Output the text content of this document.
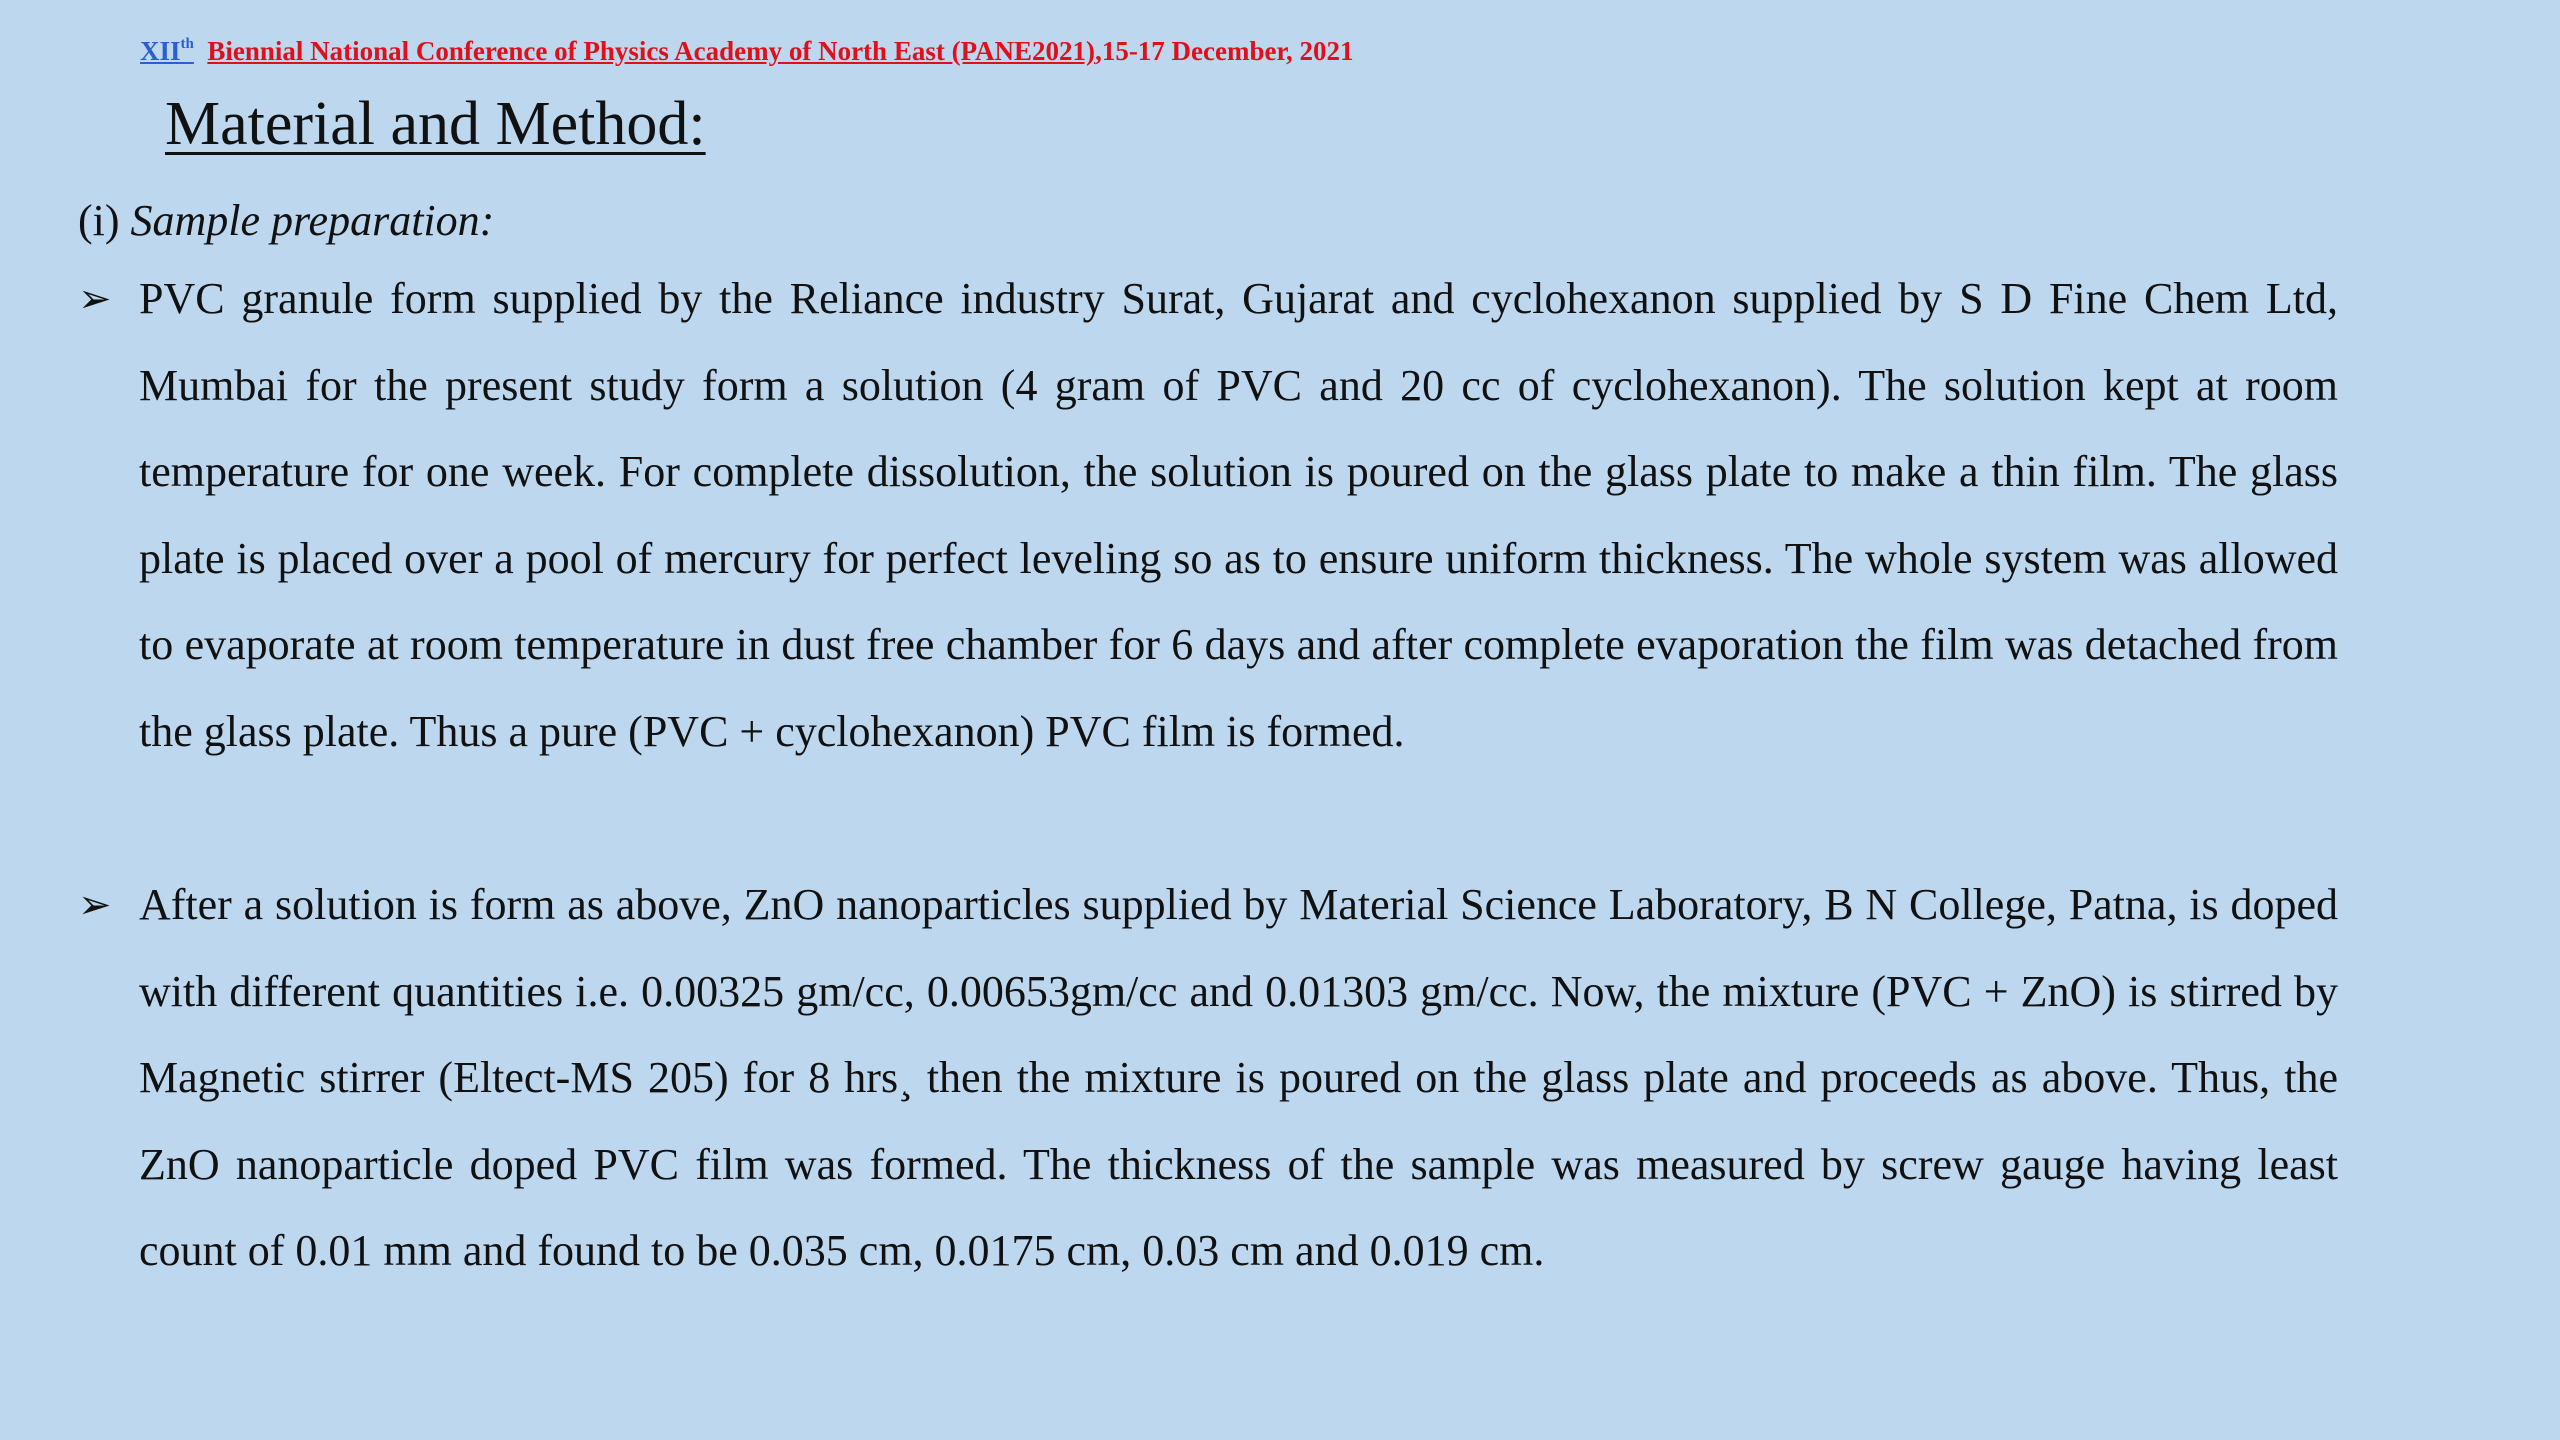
XIIth Biennial National Conference of Physics Academy of North East (PANE2021),15-17 December, 2021
Material and Method:
(i) Sample preparation:
➢ PVC granule form supplied by the Reliance industry Surat, Gujarat and cyclohexanon supplied by S D Fine Chem Ltd, Mumbai for the present study form a solution (4 gram of PVC and 20 cc of cyclohexanon). The solution kept at room temperature for one week. For complete dissolution, the solution is poured on the glass plate to make a thin film. The glass plate is placed over a pool of mercury for perfect leveling so as to ensure uniform thickness. The whole system was allowed to evaporate at room temperature in dust free chamber for 6 days and after complete evaporation the film was detached from the glass plate. Thus a pure (PVC + cyclohexanon) PVC film is formed.
➢ After a solution is form as above, ZnO nanoparticles supplied by Material Science Laboratory, B N College, Patna, is doped with different quantities i.e. 0.00325 gm/cc, 0.00653gm/cc and 0.01303 gm/cc. Now, the mixture (PVC + ZnO) is stirred by Magnetic stirrer (Eltect-MS 205) for 8 hrs¸ then the mixture is poured on the glass plate and proceeds as above. Thus, the ZnO nanoparticle doped PVC film was formed. The thickness of the sample was measured by screw gauge having least count of 0.01 mm and found to be 0.035 cm, 0.0175 cm, 0.03 cm and 0.019 cm.
